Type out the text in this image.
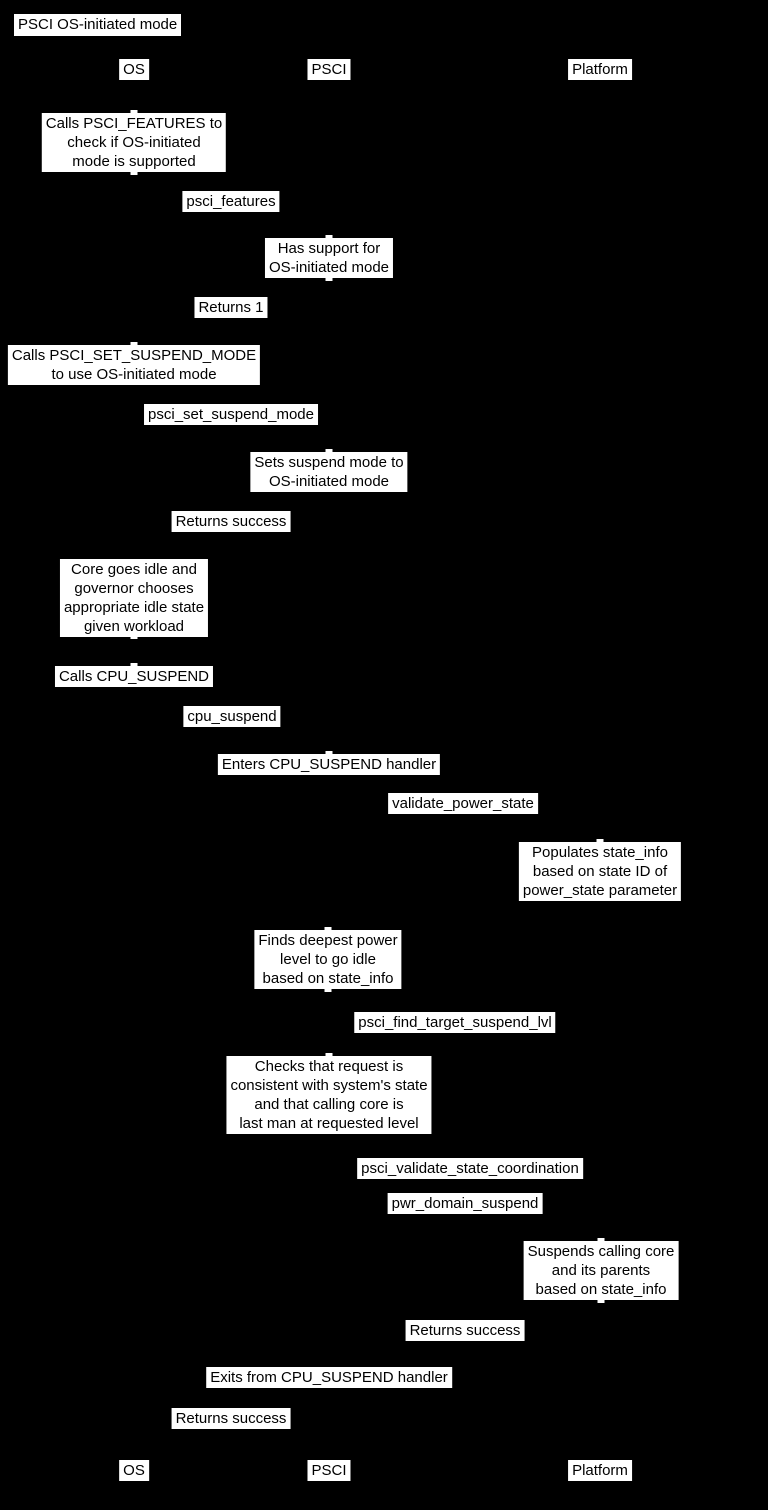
PSCI OS-initiated mode
OS	PSCI	Platform
Calls PSCI_FEATURES to
check if OS-initiated
mode is supported
psci_features
Has support for
OS-initiated mode
Returns 1
Calls PSCI_SET_SUSPEND_MODE
to use OS-initiated mode
psci_set_suspend_mode
Sets suspend mode to
OS-initiated mode
Returns success
Core goes idle and
governor chooses
appropriate idle state
given workload
Calls CPU_SUSPEND
cpu_suspend
Enters CPU_SUSPEND handler
validate_power_state
Populates state_info
based on state ID of
power_state parameter
Finds deepest power
level to go idle
based on state_info
psci_find_target_suspend_lvl
Checks that request is
consistent with system's state
and that calling core is
last man at requested level
psci_validate_state_coordination
pwr_domain_suspend
Suspends calling core
and its parents
based on state_info
Returns success
Exits from CPU_SUSPEND handler
Returns success
OS	PSCI	Platform
